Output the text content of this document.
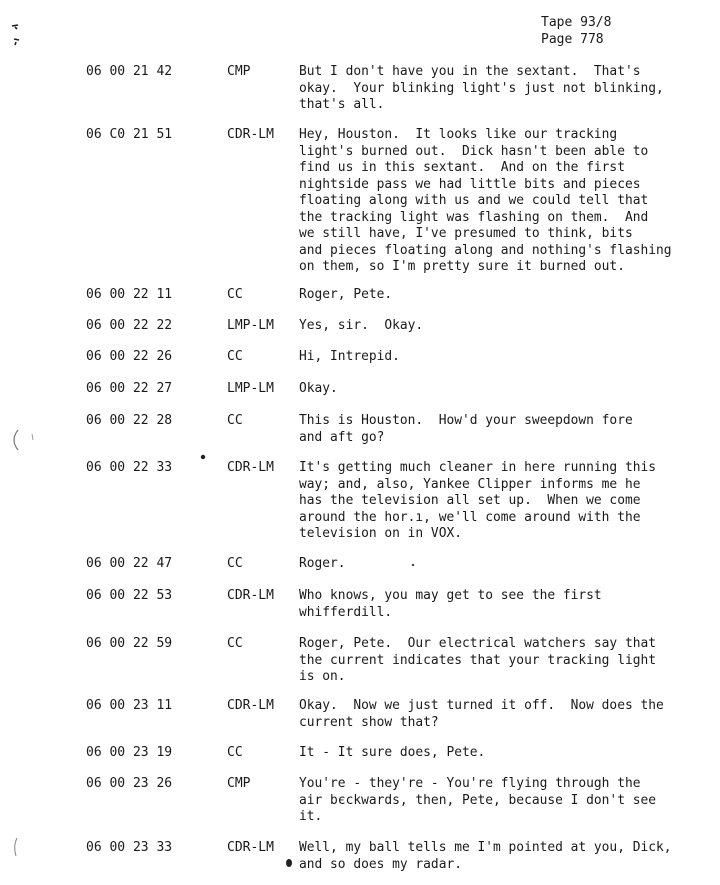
Tape 93/8
Page 778
06 00 21 42	CMP	But I don't have you in the sextant.  That's
okay.  Your blinking light's just not blinking,
that's all.
06 C0 21 51	CDR-LM Hey, Houston.  It looks like our tracking
light's burned out.  Dick hasn't been able to
find us in this sextant.  And on the first
nightside pass we had little bits and pieces
floating along with us and we could tell that
the tracking light was flashing on them.  And
we still have, I've presumed to think, bits
and pieces floating along and nothing's flashing
on them, so I'm pretty sure it burned out.
06 00 22 11	CC	Roger, Pete.
06 00 22 22	LMP-LM Yes, sir.  Okay.
06 00 22 26	CC	Hi, Intrepid.
06 00 22 27	LMP-LM Okay.
06 00 22 28	CC	This is Houston.  How'd your sweepdown fore
and aft go?
06 00 22 33	CDR-LM It's getting much cleaner in here running this
way; and, also, Yankee Clipper informs me he
has the television all set up.  When we come
around the hor.ı, we'll come around with the
television on in VOX.
06 00 22 47	CC	Roger.
06 00 22 53	CDR-LM Who knows, you may get to see the first
whifferdill.
06 00 22 59	CC	Roger, Pete.  Our electrical watchers say that
the current indicates that your tracking light
is on.
06 00 23 11	CDR-LM Okay.  Now we just turned it off.  Now does the
current show that?
06 00 23 19	CC	It - It sure does, Pete.
06 00 23 26	CMP	You're - they're - You're flying through the
air bєckwards, then, Pete, because I don't see
it.
06 00 23 33	CDR-LM Well, my ball tells me I'm pointed at you, Dick,
and so does my radar.
